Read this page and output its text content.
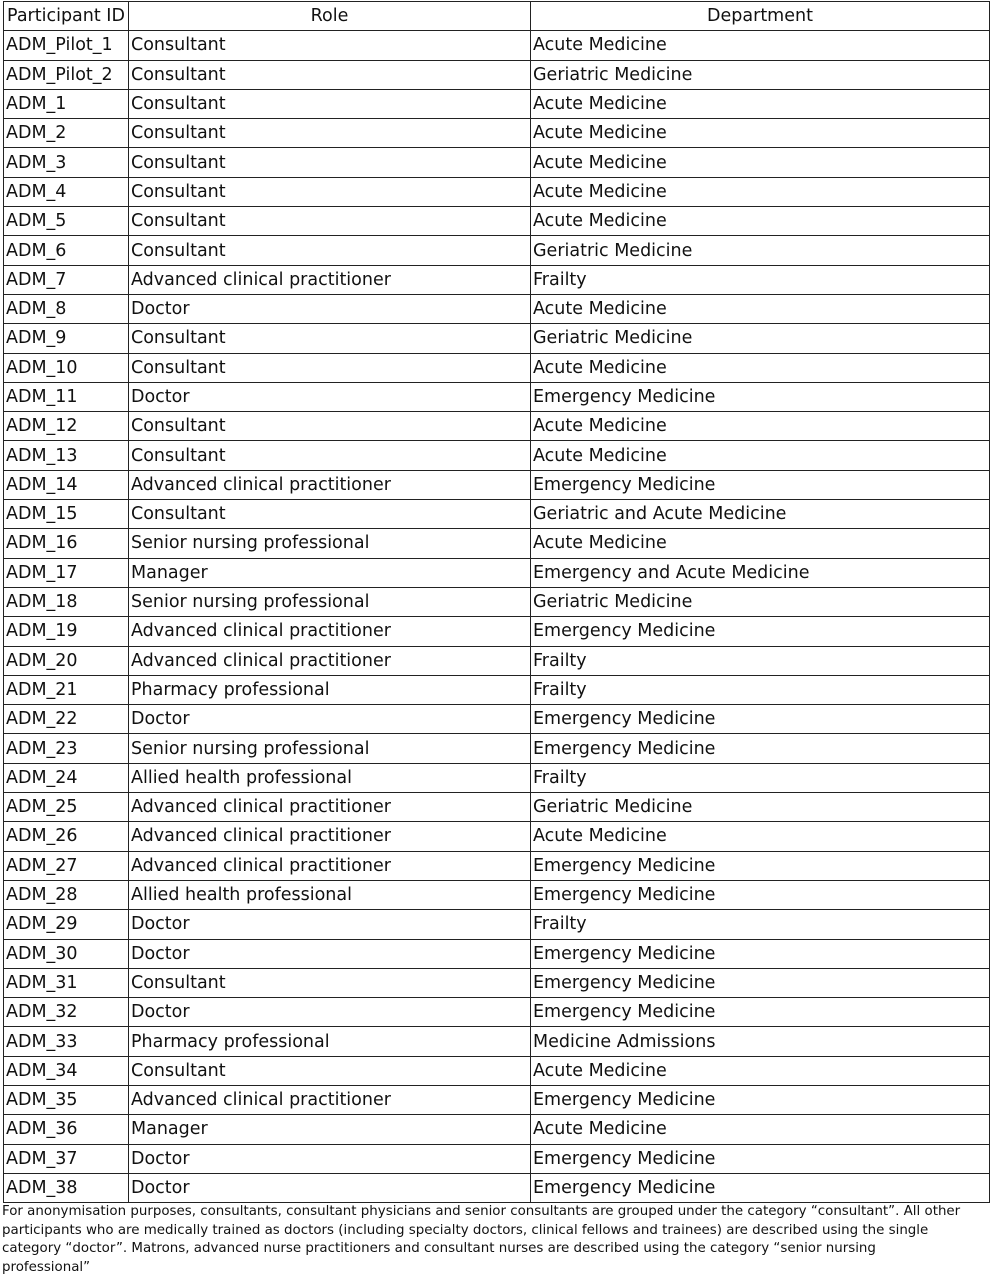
Participant ID	Role	Department
ADM_Pilot_1	Consultant	Acute Medicine
ADM_Pilot_2	Consultant	Geriatric Medicine
ADM_1	Consultant	Acute Medicine
ADM_2	Consultant	Acute Medicine
ADM_3	Consultant	Acute Medicine
ADM_4	Consultant	Acute Medicine
ADM_5	Consultant	Acute Medicine
ADM_6	Consultant	Geriatric Medicine
ADM_7	Advanced clinical practitioner	Frailty
ADM_8	Doctor	Acute Medicine
ADM_9	Consultant	Geriatric Medicine
ADM_10	Consultant	Acute Medicine
ADM_11	Doctor	Emergency Medicine
ADM_12	Consultant	Acute Medicine
ADM_13	Consultant	Acute Medicine
ADM_14	Advanced clinical practitioner	Emergency Medicine
ADM_15	Consultant	Geriatric and Acute Medicine
ADM_16	Senior nursing professional	Acute Medicine
ADM_17	Manager	Emergency and Acute Medicine
ADM_18	Senior nursing professional	Geriatric Medicine
ADM_19	Advanced clinical practitioner	Emergency Medicine
ADM_20	Advanced clinical practitioner	Frailty
ADM_21	Pharmacy professional	Frailty
ADM_22	Doctor	Emergency Medicine
ADM_23	Senior nursing professional	Emergency Medicine
ADM_24	Allied health professional	Frailty
ADM_25	Advanced clinical practitioner	Geriatric Medicine
ADM_26	Advanced clinical practitioner	Acute Medicine
ADM_27	Advanced clinical practitioner	Emergency Medicine
ADM_28	Allied health professional	Emergency Medicine
ADM_29	Doctor	Frailty
ADM_30	Doctor	Emergency Medicine
ADM_31	Consultant	Emergency Medicine
ADM_32	Doctor	Emergency Medicine
ADM_33	Pharmacy professional	Medicine Admissions
ADM_34	Consultant	Acute Medicine
ADM_35	Advanced clinical practitioner	Emergency Medicine
ADM_36	Manager	Acute Medicine
ADM_37	Doctor	Emergency Medicine
ADM_38	Doctor	Emergency Medicine
For anonymisation purposes, consultants, consultant physicians and senior consultants are grouped under the category “consultant”. All other participants who are medically trained as doctors (including specialty doctors, clinical fellows and trainees) are described using the single category “doctor”. Matrons, advanced nurse practitioners and consultant nurses are described using the category “senior nursing professional”
